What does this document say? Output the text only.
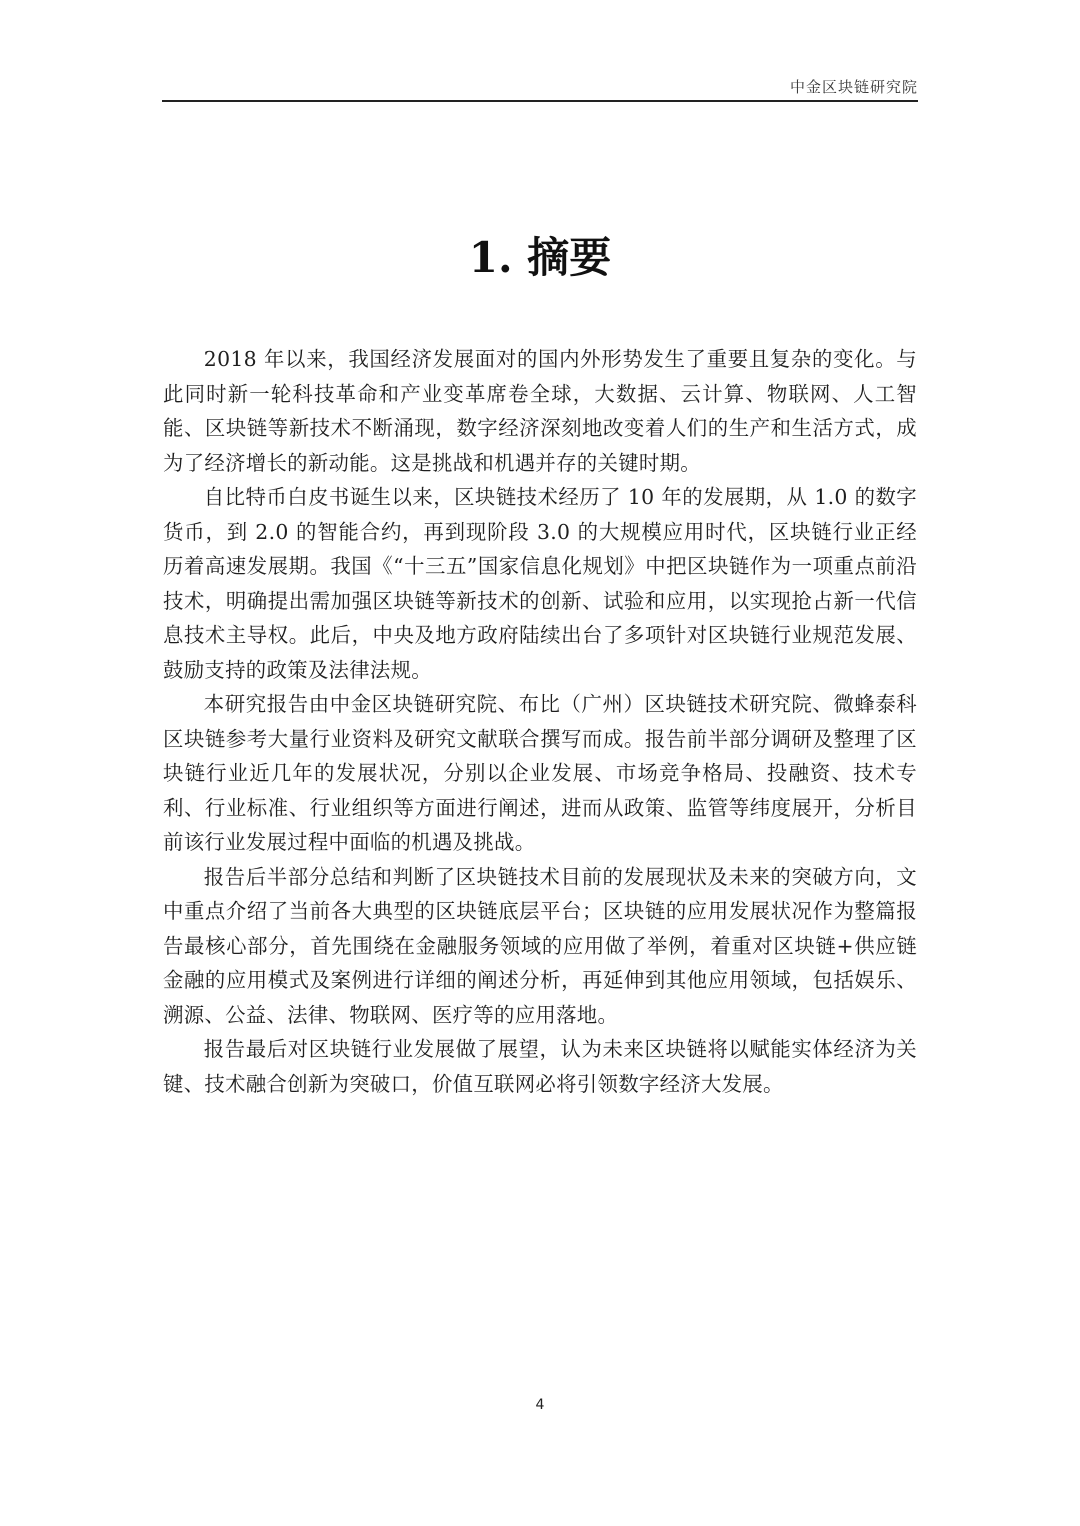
中金区块链研究院
1. 摘要

2018 年以来，我国经济发展面对的国内外形势发生了重要且复杂的变化。与此同时新一轮科技革命和产业变革席卷全球，大数据、云计算、物联网、人工智能、区块链等新技术不断涌现，数字经济深刻地改变着人们的生产和生活方式，成为了经济增长的新动能。这是挑战和机遇并存的关键时期。

自比特币白皮书诞生以来，区块链技术经历了 10 年的发展期，从 1.0 的数字货币，到 2.0 的智能合约，再到现阶段 3.0 的大规模应用时代，区块链行业正经历着高速发展期。我国《“十三五”国家信息化规划》中把区块链作为一项重点前沿技术，明确提出需加强区块链等新技术的创新、试验和应用，以实现抢占新一代信息技术主导权。此后，中央及地方政府陆续出台了多项针对区块链行业规范发展、鼓励支持的政策及法律法规。

本研究报告由中金区块链研究院、布比（广州）区块链技术研究院、微蜂泰科区块链参考大量行业资料及研究文献联合撰写而成。报告前半部分调研及整理了区块链行业近几年的发展状况，分别以企业发展、市场竞争格局、投融资、技术专利、行业标准、行业组织等方面进行阐述，进而从政策、监管等纬度展开，分析目前该行业发展过程中面临的机遇及挑战。

报告后半部分总结和判断了区块链技术目前的发展现状及未来的突破方向，文中重点介绍了当前各大典型的区块链底层平台；区块链的应用发展状况作为整篇报告最核心部分，首先围绕在金融服务领域的应用做了举例，着重对区块链+供应链金融的应用模式及案例进行详细的阐述分析，再延伸到其他应用领域，包括娱乐、溯源、公益、法律、物联网、医疗等的应用落地。

报告最后对区块链行业发展做了展望，认为未来区块链将以赋能实体经济为关键、技术融合创新为突破口，价值互联网必将引领数字经济大发展。

4
